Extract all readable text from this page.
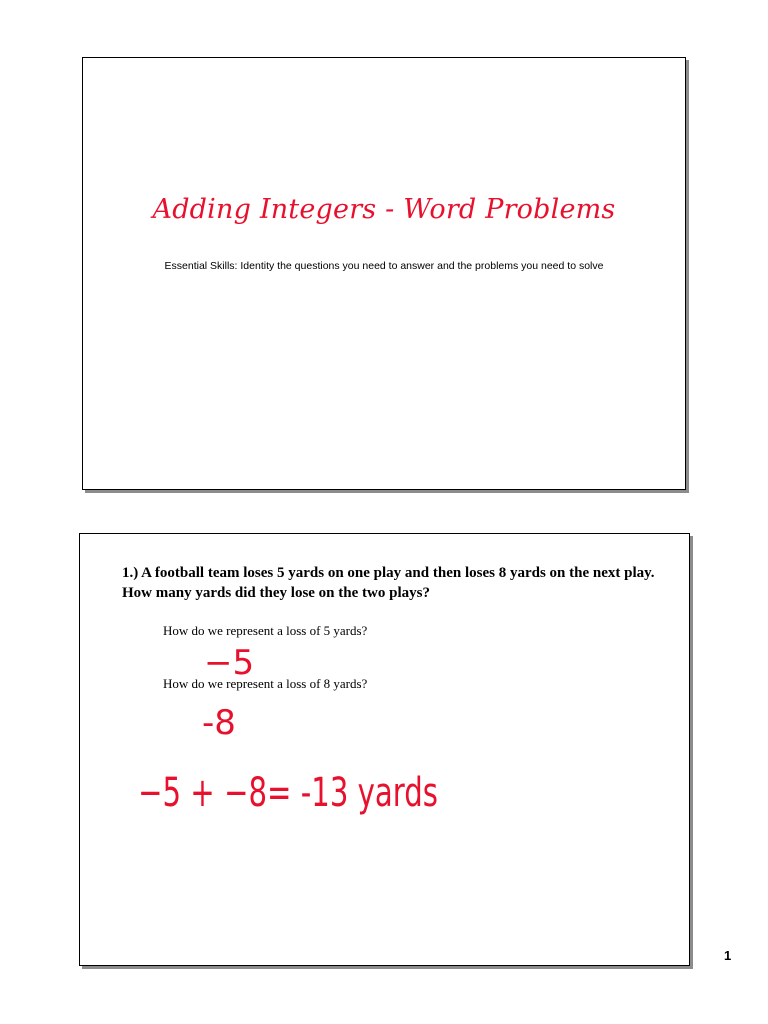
Adding Integers - Word Problems
Essential Skills: Identity the questions you need to answer and the problems you need to solve
1.) A football team loses 5 yards on one play and then loses 8 yards on the next play. How many yards did they lose on the two plays?
How do we represent a loss of 5 yards?
−5
How do we represent a loss of 8 yards?
-8
−5 + −8= -13 yards
1
